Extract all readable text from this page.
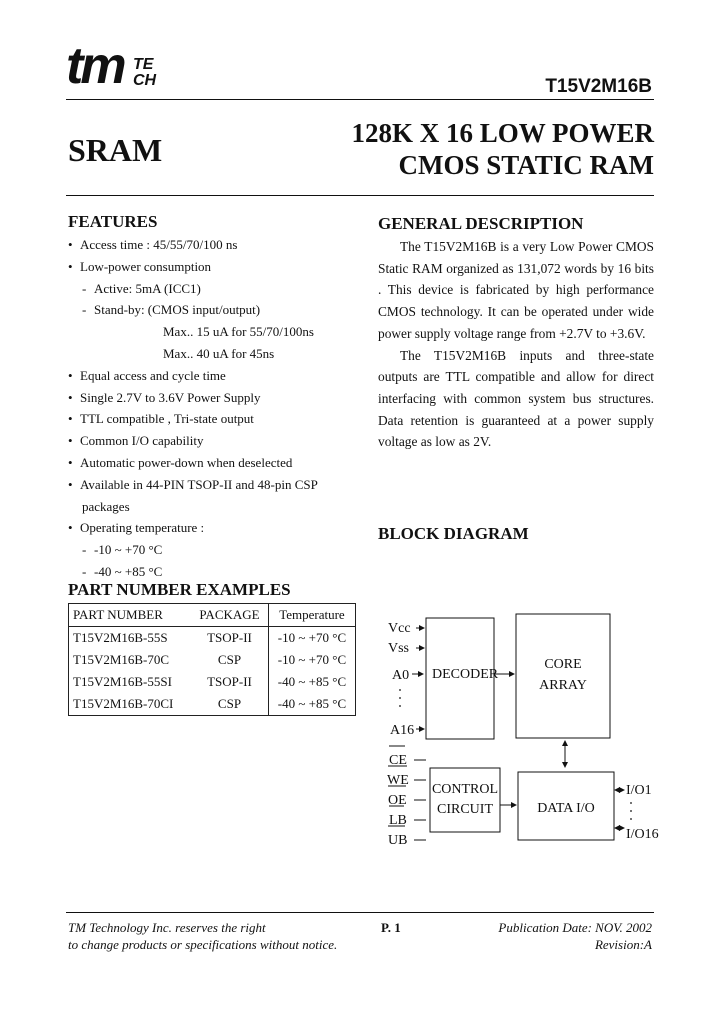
tm TE
CH	T15V2M16B
SRAM	128K X 16 LOW POWER
CMOS STATIC RAM
FEATURES
• Access time : 45/55/70/100 ns
• Low-power consumption
- Active: 5mA (ICC1)
- Stand-by: (CMOS input/output)
Max.. 15 uA for 55/70/100ns
Max.. 40 uA for 45ns
• Equal access and cycle time
• Single 2.7V to 3.6V Power Supply
• TTL compatible , Tri-state output
• Common I/O capability
• Automatic power-down when deselected
• Available in 44-PIN TSOP-II and 48-pin CSP
packages
• Operating temperature :
- -10 ~ +70 °C
- -40 ~ +85 °C
GENERAL DESCRIPTION

The T15V2M16B is a very Low Power CMOS Static RAM organized as 131,072 words by 16 bits . This device is fabricated by high performance CMOS technology. It can be operated under wide power supply voltage range from +2.7V to +3.6V.

The T15V2M16B inputs and three-state outputs are TTL compatible and allow for direct interfacing with common system bus structures. Data retention is guaranteed at a power supply voltage as low as 2V.

BLOCK DIAGRAM
Vcc
Vss
A0
A16
DECODER
CORE
ARRAY
CE
WE
OE
LB
UB
CONTROL
CIRCUIT	DATA I/O
I/O1
I/O16
PART NUMBER EXAMPLES
PART NUMBER	PACKAGE	Temperature
T15V2M16B-55S	TSOP-II	-10 ~ +70 °C
T15V2M16B-70C	CSP	-10 ~ +70 °C
T15V2M16B-55SI	TSOP-II	-40 ~ +85 °C
T15V2M16B-70CI	CSP	-40 ~ +85 °C
TM Technology Inc. reserves the right
to change products or specifications without notice.
P. 1	Publication Date: NOV. 2002
Revision:A
